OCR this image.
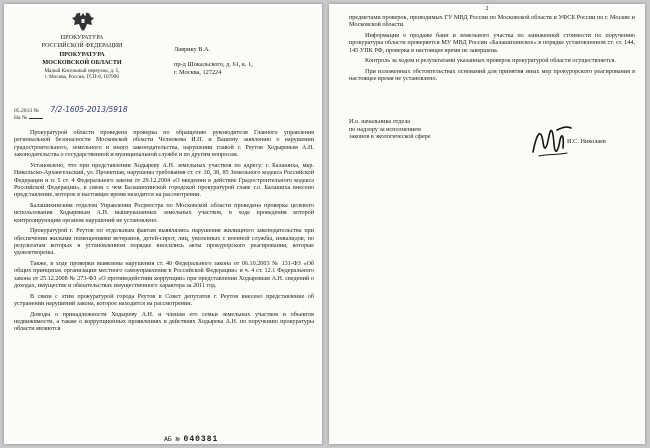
ПРОКУРАТУРА
РОССИЙСКОЙ ФЕДЕРАЦИИ
ПРОКУРАТУРА
МОСКОВСКОЙ ОБЛАСТИ
Малый Кисельный переулок, д. 5,
г. Москва, Россия, ГСП-6, 107996
Лаврику В.А.
пр-д Шокальского, д. 61, к. 1,
г. Москва, 127224
05.2013 № 7/2-1605-2013/5918
На №

Прокуратурой области проведена проверка по обращению руководителя Главного управления региональной безопасности Московской области Челнокова И.П. и Вашему заявлению о нарушении градостроительного, земельного и иного законодательства, нарушении главой г. Реутов Ходыревым А.Н. законодательства о государственной и муниципальной службе и по другим вопросам.

Установлено, что при представлении Ходыреву А.Н. земельных участков по адресу: г. Балашиха, мкр. Никольско-Архангельский, ул. Проектная, нарушены требования ст. ст. 30, 38, 85 Земельного кодекса Российской Федерации и п. 5 ст. 4 Федерального закона от 29.12.2004 «О введении в действие Градостроительного кодекса Российской Федерации», в связи с чем Балашихинской городской прокуратурой главе г.о. Балашиха внесено представление, которое в настоящее время находится на рассмотрении.

Балашихинским отделом Управления Росреестра по Московской области проведена проверка целевого использования Ходыревым А.Н. вышеуказанных земельных участков, в ходе проведения которой контролирующим органом нарушений не установлено.

Прокуратурой г. Реутов по отдельным фактам выявлялись нарушения жилищного законодательства при обеспечении жилыми помещениями ветеранов, детей-сирот, лиц, уволенных с военной службы, инвалидов, по результатам которых в установленном порядке вносились акты прокурорского реагирования, которые удовлетворены.

Также, в ходе проверки выявлены нарушения ст. 40 Федерального закона от 06.10.2003 № 131-ФЗ «Об общих принципах организации местного самоуправления в Российской Федерации» и ч. 4 ст. 12.1 Федерального закона от 25.12.2008 № 273-ФЗ «О противодействии коррупции» при представлении Ходыревым А.Н. сведений о доходах, имуществе и обязательствах имущественного характера за 2011 год.

В связи с этим прокуратурой города Реутов в Совет депутатов г. Реутов внесено представление об устранении нарушений закона, которое находится на рассмотрении.

Доводы о принадлежности Ходыреву А.Н. и членам его семьи земельных участков и объектов недвижимости, а также о коррупционных проявлениях в действиях Ходырева А.Н. по поручению прокуратуры области являются

АБ № 040381
2

предметами проверок, проводимых ГУ МВД России по Московской области и УФСБ России по г. Москве и Московской области.

Информация о продаже бани и земельного участка по заниженной стоимости по поручению прокуратуры области проверяется МУ МВД России «Балашихинское» в порядке установленном ст. ст. 144, 145 УПК РФ, проверка в настоящее время не завершена.

Контроль за ходом и результатами указанных проверок прокуратурой области осуществляется.

При изложенных обстоятельствах оснований для принятия иных мер прокурорского реагирования в настоящее время не установлено.

И.о. начальника отдела
по надзору за исполнением
законов в экологической сфере
И.С. Николаев
